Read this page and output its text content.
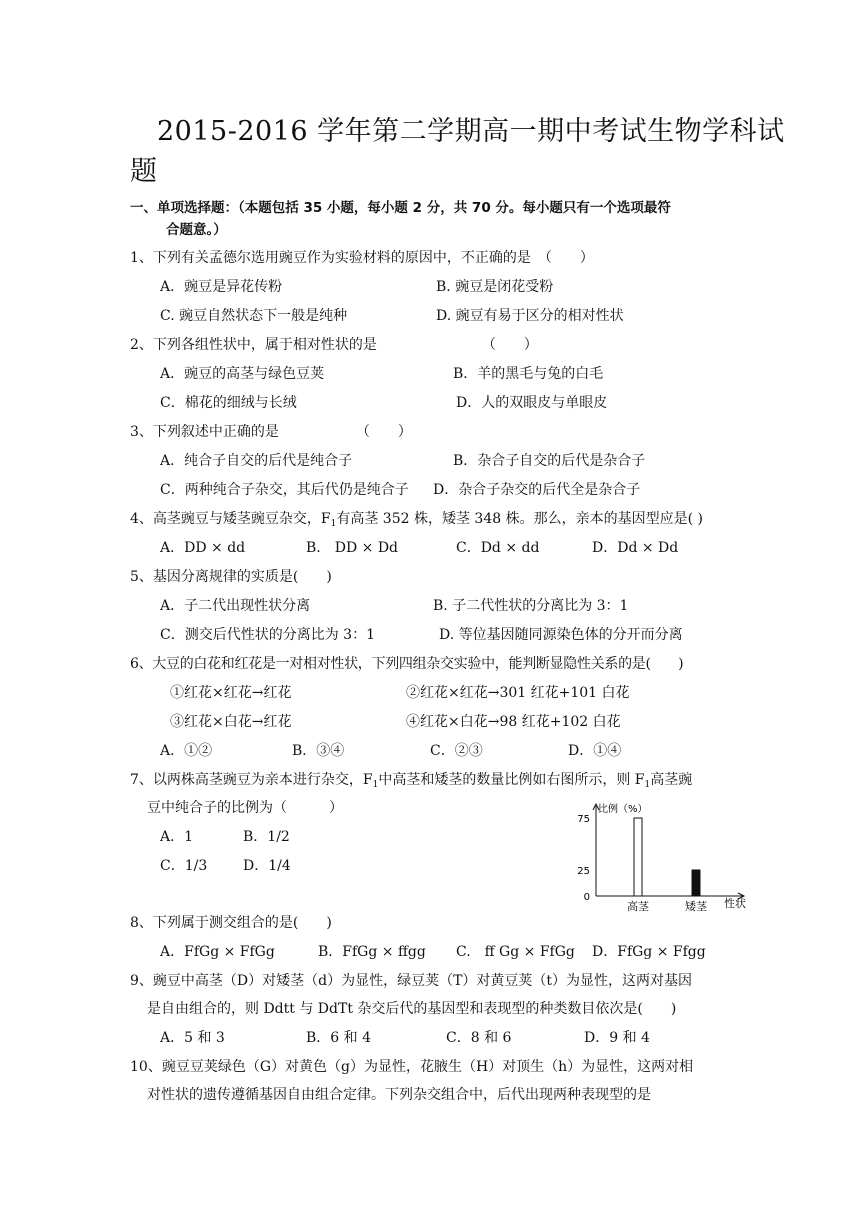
2015-2016 学年第二学期高一期中考试生物学科试
题
一、单项选择题：（本题包括 35 小题，每小题 2 分，共 70 分。每小题只有一个选项最符
合题意。）
1、下列有关孟德尔选用豌豆作为实验材料的原因中，不正确的是　（　　）
A．豌豆是异花传粉	B. 豌豆是闭花受粉
C. 豌豆自然状态下一般是纯种	D. 豌豆有易于区分的相对性状
2、下列各组性状中，属于相对性状的是　　　　　　　　（　　）
A．豌豆的高茎与绿色豆荚	B．羊的黑毛与兔的白毛
C．棉花的细绒与长绒	D．人的双眼皮与单眼皮
3、下列叙述中正确的是　　　　　　（　　）
A．纯合子自交的后代是纯合子	B．杂合子自交的后代是杂合子
C．两种纯合子杂交，其后代仍是纯合子 D．杂合子杂交的后代全是杂合子
4、高茎豌豆与矮茎豌豆杂交，$F_1$有高茎 352 株，矮茎 348 株。那么，亲本的基因型应是( )
A．DD × dd	B.　DD × Dd	C．Dd × dd	D．Dd × Dd
5、基因分离规律的实质是(　　)
A．子二代出现性状分离	B. 子二代性状的分离比为 3：1
C．测交后代性状的分离比为 3：1	D. 等位基因随同源染色体的分开而分离
6、大豆的白花和红花是一对相对性状，下列四组杂交实验中，能判断显隐性关系的是(　　)
①红花×红花→红花	②红花×红花→301 红花+101 白花
③红花×白花→红花	④红花×白花→98 红花+102 白花
A．①②	B．③④	C．②③	D．①④
7、以两株高茎豌豆为亲本进行杂交，$F_1$中高茎和矮茎的数量比例如右图所示，则 $F_1$高茎豌
豆中纯合子的比例为（　　　）
A．1	B．1/2
C．1/3	D．1/4
比例（%）
性状
0
25
75
高茎	矮茎
8、下列属于测交组合的是(　　)
A．FfGg × FfGg	B．FfGg × ffgg C.　ff Gg × FfGg D．FfGg × Ffgg
9、豌豆中高茎（D）对矮茎（d）为显性，绿豆荚（T）对黄豆荚（t）为显性，这两对基因
是自由组合的，则 Ddtt 与 DdTt 杂交后代的基因型和表现型的种类数目依次是(　　)
A．5 和 3	B．6 和 4	C．8 和 6	D．9 和 4
10、豌豆豆荚绿色（G）对黄色（g）为显性，花腋生（H）对顶生（h）为显性，这两对相
对性状的遗传遵循基因自由组合定律。下列杂交组合中，后代出现两种表现型的是
